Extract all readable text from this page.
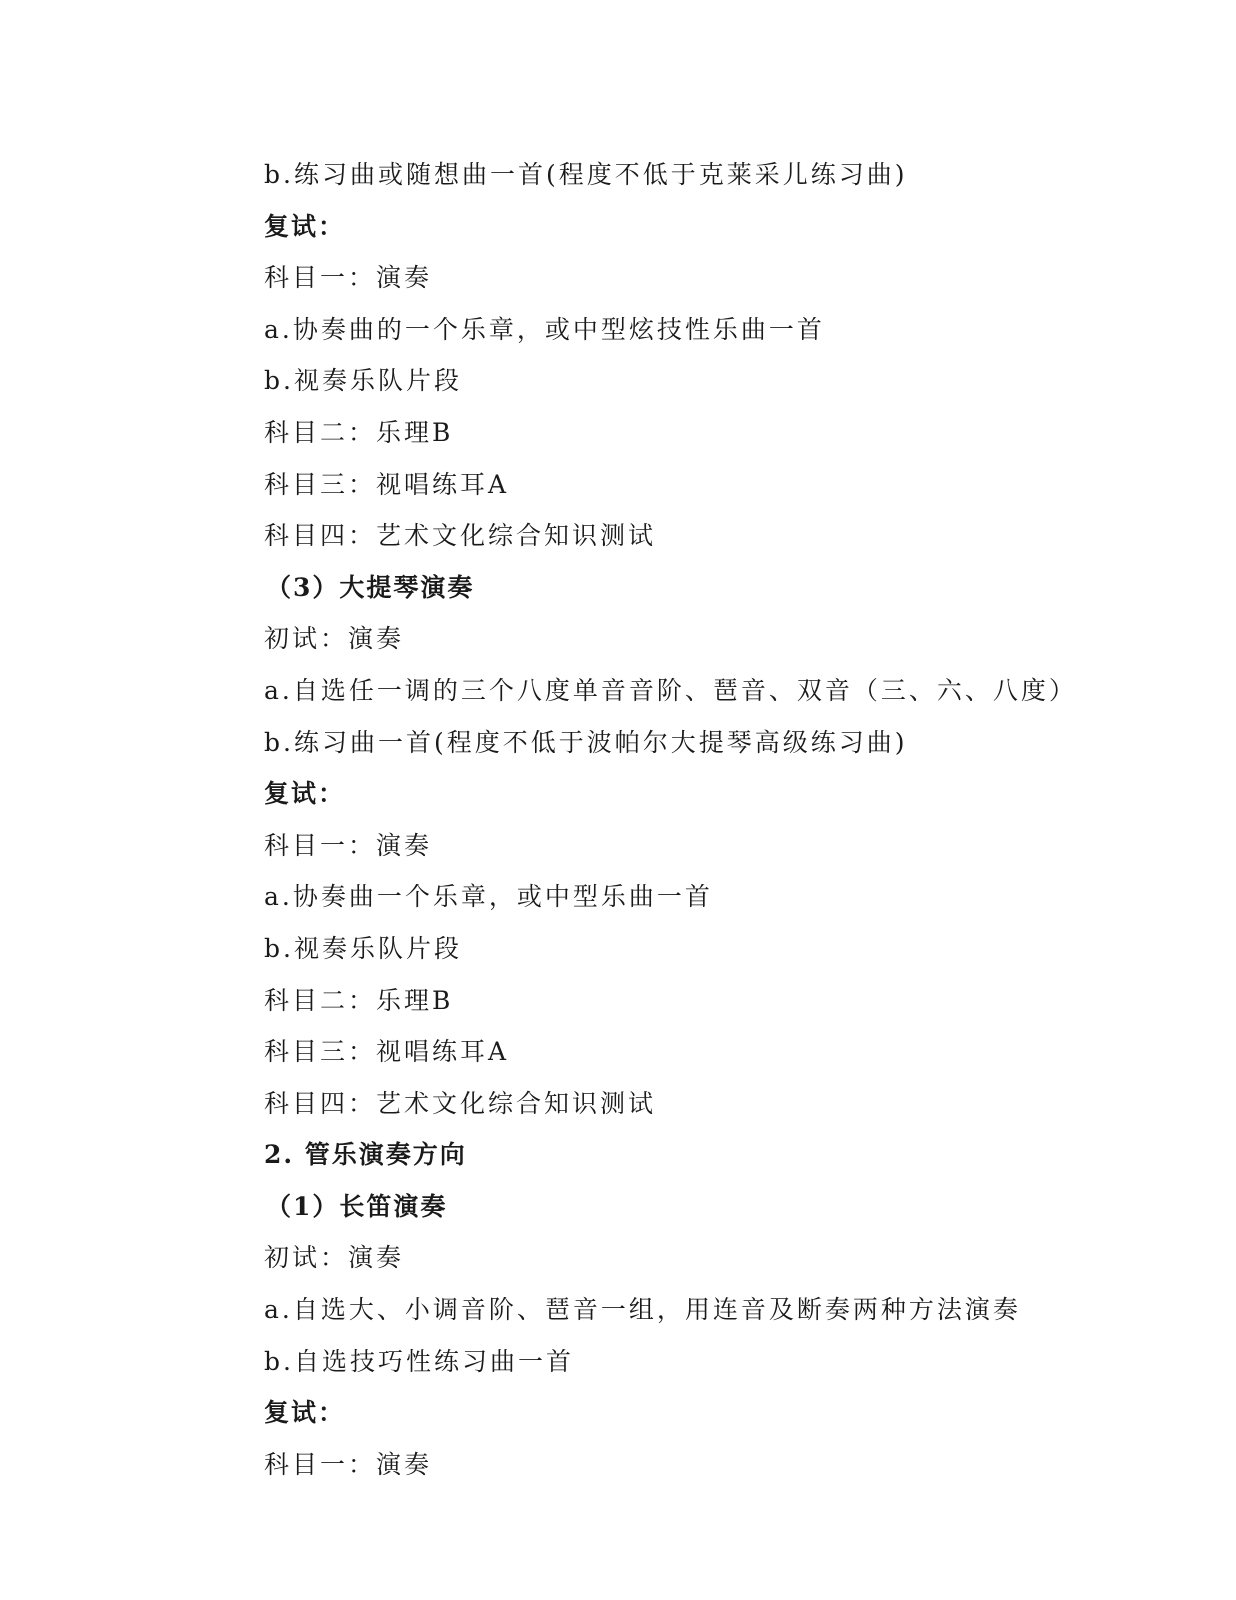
b.练习曲或随想曲一首(程度不低于克莱采儿练习曲)
复试：
科目一：演奏
a.协奏曲的一个乐章，或中型炫技性乐曲一首
b.视奏乐队片段
科目二：乐理B
科目三：视唱练耳A
科目四：艺术文化综合知识测试
（3）大提琴演奏
初试：演奏
a.自选任一调的三个八度单音音阶、琶音、双音（三、六、八度）
b.练习曲一首(程度不低于波帕尔大提琴高级练习曲)
复试：
科目一：演奏
a.协奏曲一个乐章，或中型乐曲一首
b.视奏乐队片段
科目二：乐理B
科目三：视唱练耳A
科目四：艺术文化综合知识测试
2. 管乐演奏方向
（1）长笛演奏
初试：演奏
a.自选大、小调音阶、琶音一组，用连音及断奏两种方法演奏
b.自选技巧性练习曲一首
复试：
科目一：演奏
